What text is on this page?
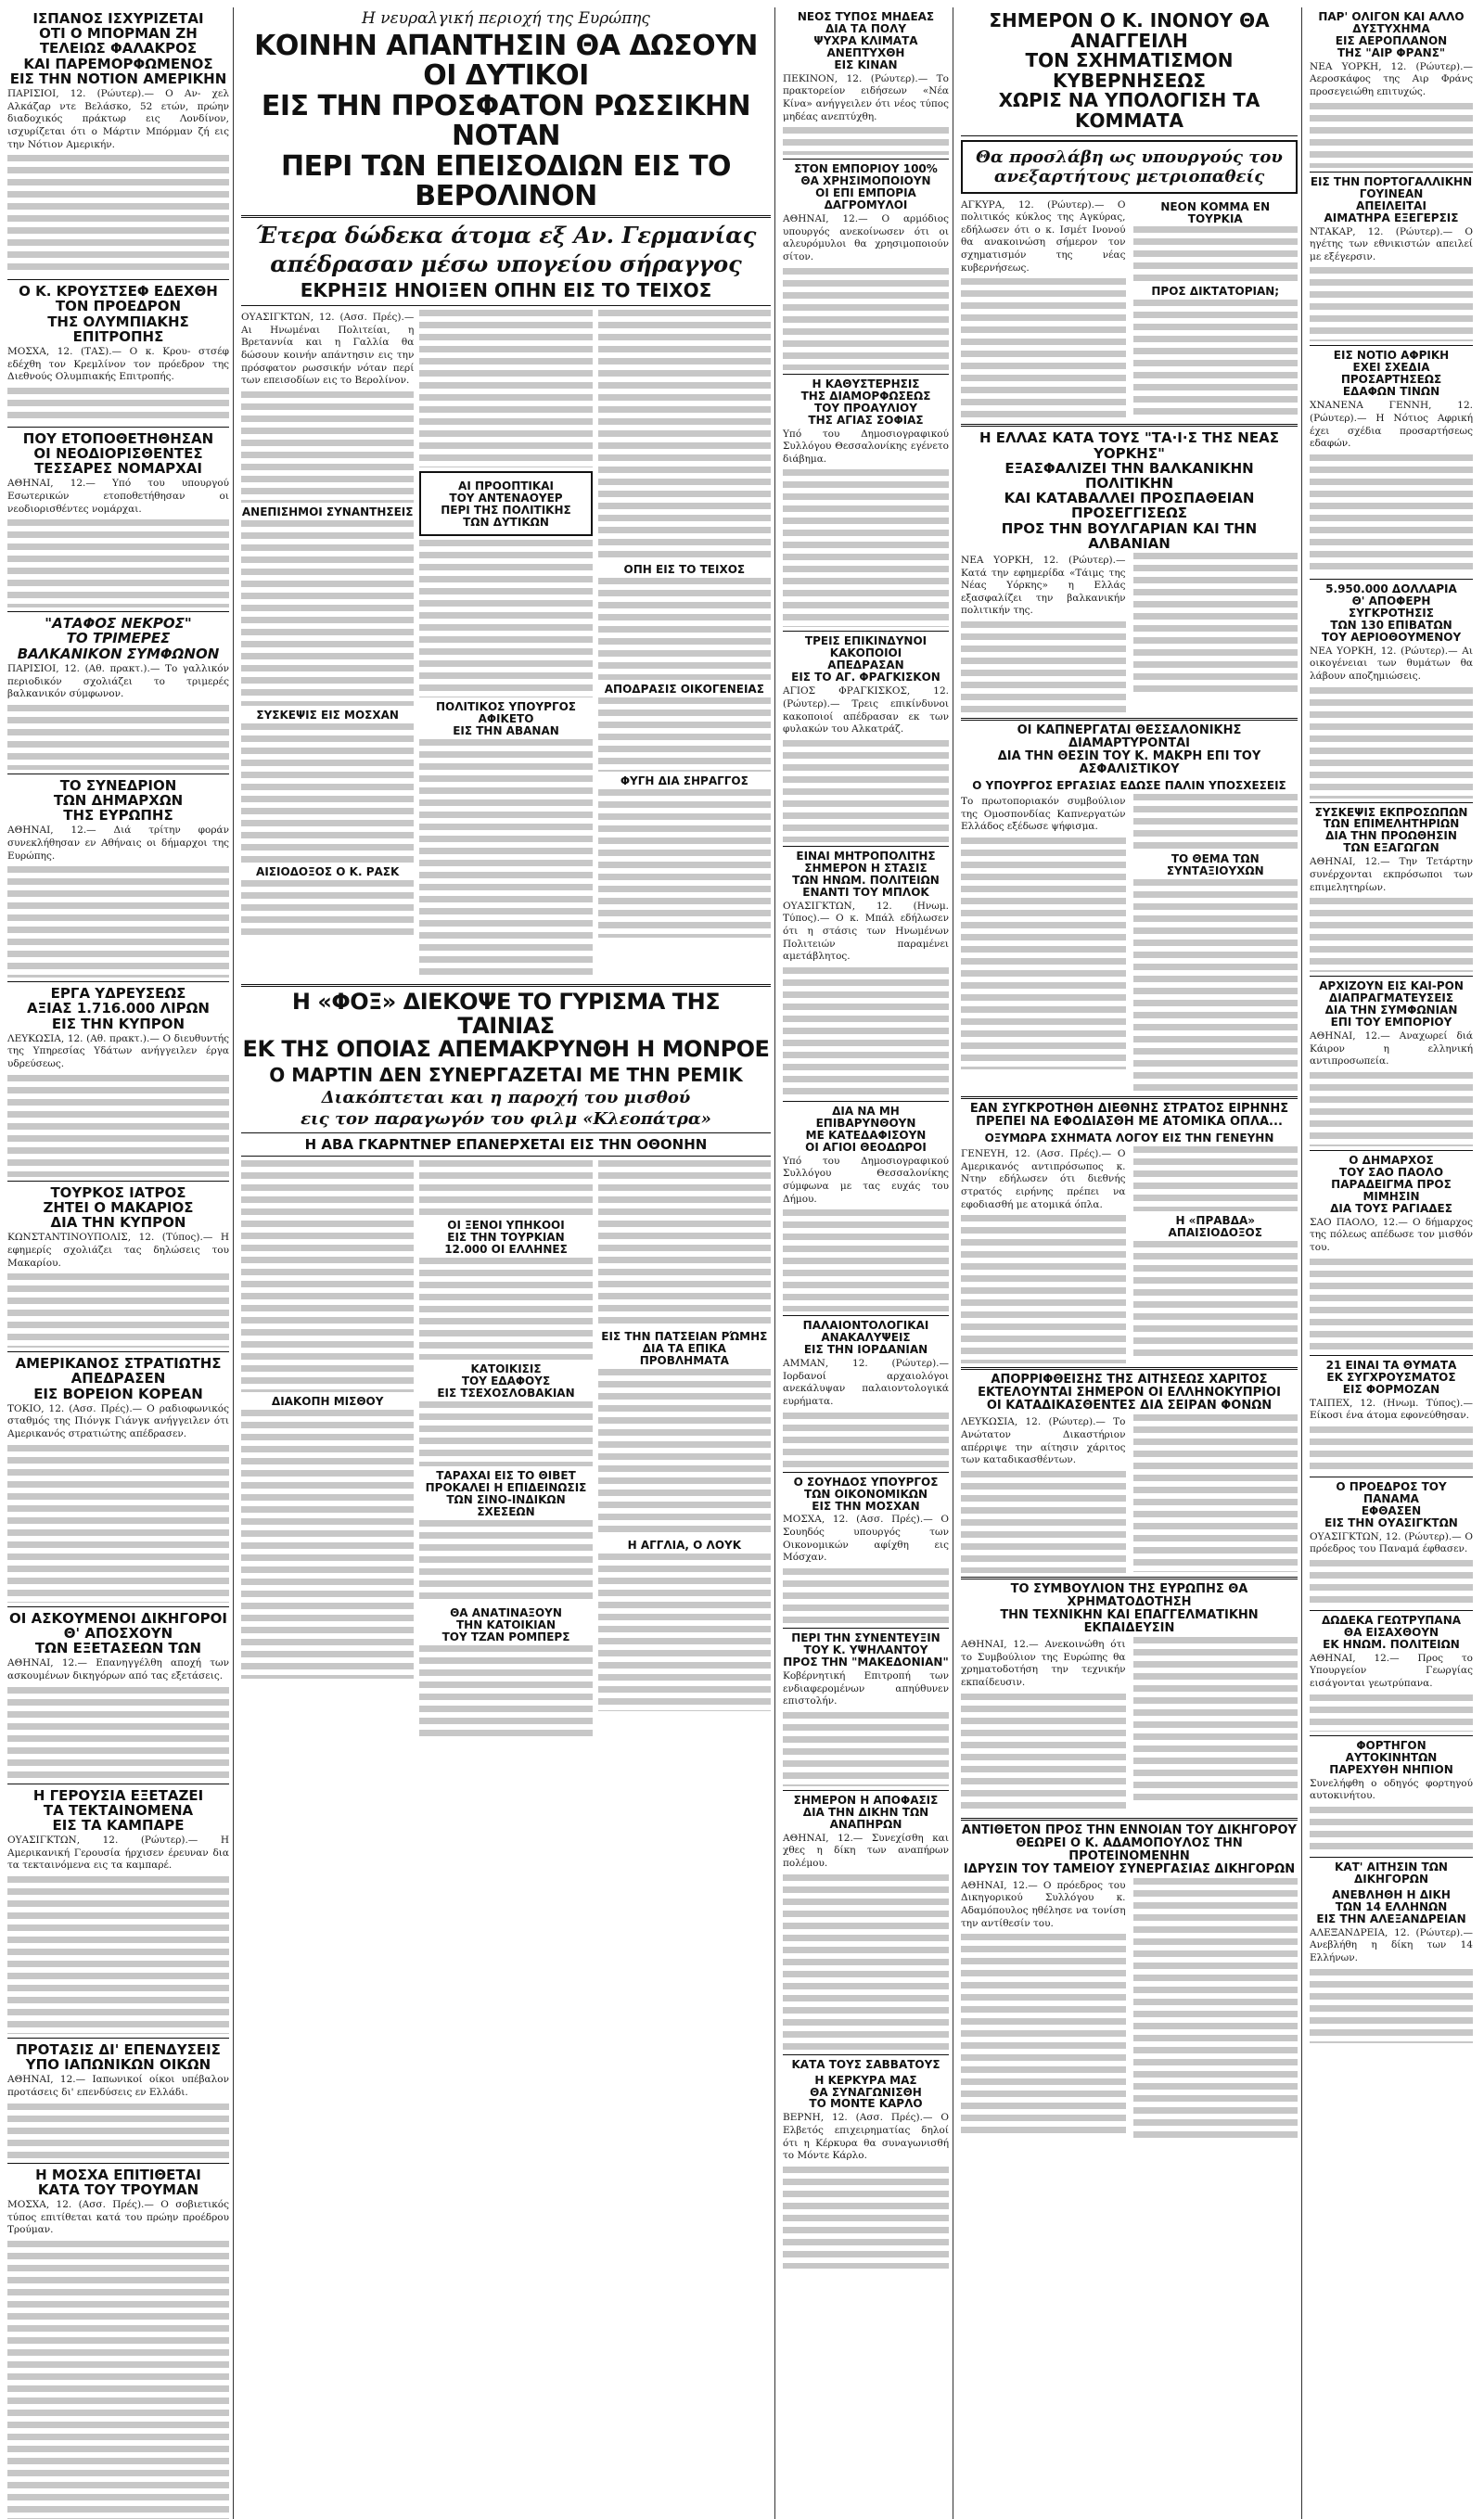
ΙΣΠΑΝΟΣ ΙΣΧΥΡΙΖΕΤΑΙ
ΟΤΙ Ο ΜΠΟΡΜΑΝ ΖΗ
ΤΕΛΕΙΩΣ ΦΑΛΑΚΡΟΣ
ΚΑΙ ΠΑΡΕΜΟΡΦΩΜΕΝΟΣ
ΕΙΣ ΤΗΝ ΝΟΤΙΟΝ ΑΜΕΡΙΚΗΝ
ΠΑΡΙΣΙΟΙ, 12. (Ρώυτερ).— Ο Αν- χελ Αλκάζαρ ντε Βελάσκο, 52 ετών, πρώην διαδοχικός πράκτωρ εις Λονδίνον, ισχυρίζεται ότι ο Μάρτιν Μπόρμαν ζή εις την Νότιον Αμερικήν.
Ο Κ. ΚΡΟΥΣΤΣΕΦ ΕΔΕΧΘΗ
ΤΟΝ ΠΡΟΕΔΡΟΝ
ΤΗΣ ΟΛΥΜΠΙΑΚΗΣ
ΕΠΙΤΡΟΠΗΣ
ΜΟΣΧΑ, 12. (ΤΑΣ).— Ο κ. Κρου- στσέφ εδέχθη τον Κρεμλίνον τον πρόεδρον της Διεθνούς Ολυμπιακής Επιτροπής.
ΠΟΥ ΕΤΟΠΟΘΕΤΗΘΗΣΑΝ
ΟΙ ΝΕΟΔΙΟΡΙΣΘΕΝΤΕΣ
ΤΕΣΣΑΡΕΣ ΝΟΜΑΡΧΑΙ
ΑΘΗΝΑΙ, 12.— Υπό του υπουργού Εσωτερικών ετοποθετήθησαν οι νεοδιορισθέντες νομάρχαι.
"ΑΤΑΦΟΣ ΝΕΚΡΟΣ"
ΤΟ ΤΡΙΜΕΡΕΣ
ΒΑΛΚΑΝΙΚΟΝ ΣΥΜΦΩΝΟΝ
ΠΑΡΙΣΙΟΙ, 12. (Αθ. πρακτ.).— Το γαλλικόν περιοδικόν σχολιάζει το τριμερές βαλκανικόν σύμφωνον.
ΤΟ ΣΥΝΕΔΡΙΟΝ
ΤΩΝ ΔΗΜΑΡΧΩΝ
ΤΗΣ ΕΥΡΩΠΗΣ
ΑΘΗΝΑΙ, 12.— Διά τρίτην φοράν συνεκλήθησαν εν Αθήναις οι δήμαρχοι της Ευρώπης.
ΕΡΓΑ ΥΔΡΕΥΣΕΩΣ
ΑΞΙΑΣ 1.716.000 ΛΙΡΩΝ
ΕΙΣ ΤΗΝ ΚΥΠΡΟΝ
ΛΕΥΚΩΣΙΑ, 12. (Αθ. πρακτ.).— Ο διευθυντής της Υπηρεσίας Υδάτων ανήγγειλεν έργα υδρεύσεως.
ΤΟΥΡΚΟΣ ΙΑΤΡΟΣ
ΖΗΤΕΙ Ο ΜΑΚΑΡΙΟΣ
ΔΙΑ ΤΗΝ ΚΥΠΡΟΝ
ΚΩΝΣΤΑΝΤΙΝΟΥΠΟΛΙΣ, 12. (Τύπος).— Η εφημερίς σχολιάζει τας δηλώσεις του Μακαρίου.
ΑΜΕΡΙΚΑΝΟΣ ΣΤΡΑΤΙΩΤΗΣ
ΑΠΕΔΡΑΣΕΝ
ΕΙΣ ΒΟΡΕΙΟΝ ΚΟΡΕΑΝ
ΤΟΚΙΟ, 12. (Ασσ. Πρές).— Ο ραδιοφωνικός σταθμός της Πιόνγκ Γιάνγκ ανήγγειλεν ότι Αμερικανός στρατιώτης απέδρασεν.
ΟΙ ΑΣΚΟΥΜΕΝΟΙ ΔΙΚΗΓΟΡΟΙ
Θ' ΑΠΟΣΧΟΥΝ
ΤΩΝ ΕΞΕΤΑΣΕΩΝ ΤΩΝ
ΑΘΗΝΑΙ, 12.— Επανηγγέλθη αποχή των ασκουμένων δικηγόρων από τας εξετάσεις.
Η ΓΕΡΟΥΣΙΑ ΕΞΕΤΑΖΕΙ
ΤΑ ΤΕΚΤΑΙΝΟΜΕΝΑ
ΕΙΣ ΤΑ ΚΑΜΠΑΡΕ
ΟΥΑΣΙΓΚΤΩΝ, 12. (Ρώυτερ).— Η Αμερικανική Γερουσία ήρχισεν έρευναν δια τα τεκταινόμενα εις τα καμπαρέ.
ΠΡΟΤΑΣΙΣ ΔΙ' ΕΠΕΝΔΥΣΕΙΣ
ΥΠΟ ΙΑΠΩΝΙΚΩΝ ΟΙΚΩΝ
ΑΘΗΝΑΙ, 12.— Ιαπωνικοί οίκοι υπέβαλον προτάσεις δι' επενδύσεις εν Ελλάδι.
Η ΜΟΣΧΑ ΕΠΙΤΙΘΕΤΑΙ
ΚΑΤΑ ΤΟΥ ΤΡΟΥΜΑΝ
ΜΟΣΧΑ, 12. (Ασσ. Πρές).— Ο σοβιετικός τύπος επιτίθεται κατά του πρώην προέδρου Τρούμαν.
Η νευραλγική περιοχή της Ευρώπης
ΚΟΙΝΗΝ ΑΠΑΝΤΗΣΙΝ ΘΑ ΔΩΣΟΥΝ ΟΙ ΔΥΤΙΚΟΙ
ΕΙΣ ΤΗΝ ΠΡΟΣΦΑΤΟΝ ΡΩΣΣΙΚΗΝ ΝΟΤΑΝ
ΠΕΡΙ ΤΩΝ ΕΠΕΙΣΟΔΙΩΝ ΕΙΣ ΤΟ ΒΕΡΟΛΙΝΟΝ
Έτερα δώδεκα άτομα εξ Αν. Γερμανίας
απέδρασαν μέσω υπογείου σήραγγος
ΕΚΡΗΞΙΣ ΗΝΟΙΞΕΝ ΟΠΗΝ ΕΙΣ ΤΟ ΤΕΙΧΟΣ
ΟΥΑΣΙΓΚΤΩΝ, 12. (Ασσ. Πρές).— Αι Ηνωμέναι Πολιτείαι, η Βρεταννία και η Γαλλία θα δώσουν κοινήν απάντησιν εις την πρόσφατον ρωσσικήν νόταν περί των επεισοδίων εις το Βερολίνον.
ΑΝΕΠΙΣΗΜΟΙ ΣΥΝΑΝΤΗΣΕΙΣ
ΣΥΣΚΕΨΙΣ ΕΙΣ ΜΟΣΧΑΝ
ΑΙΣΙΟΔΟΞΟΣ Ο Κ. ΡΑΣΚ
ΑΙ ΠΡΟΟΠΤΙΚΑΙ
ΤΟΥ ΑΝΤΕΝΑΟΥΕΡ
ΠΕΡΙ ΤΗΣ ΠΟΛΙΤΙΚΗΣ
ΤΩΝ ΔΥΤΙΚΩΝ
ΠΟΛΙΤΙΚΟΣ ΥΠΟΥΡΓΟΣ
ΑΦΙΚΕΤΟ
ΕΙΣ ΤΗΝ ΑΒΑΝΑΝ
ΟΠΗ ΕΙΣ ΤΟ ΤΕΙΧΟΣ
ΑΠΟΔΡΑΣΙΣ ΟΙΚΟΓΕΝΕΙΑΣ
ΦΥΓΗ ΔΙΑ ΣΗΡΑΓΓΟΣ
Η «ΦΟΞ» ΔΙΕΚΟΨΕ ΤΟ ΓΥΡΙΣΜΑ ΤΗΣ ΤΑΙΝΙΑΣ
ΕΚ ΤΗΣ ΟΠΟΙΑΣ ΑΠΕΜΑΚΡΥΝΘΗ Η ΜΟΝΡΟΕ
Ο ΜΑΡΤΙΝ ΔΕΝ ΣΥΝΕΡΓΑΖΕΤΑΙ ΜΕ ΤΗΝ ΡΕΜΙΚ
Διακόπτεται και η παροχή του μισθού
εις τον παραγωγόν του φιλμ «Κλεοπάτρα»
Η ΑΒΑ ΓΚΑΡΝΤΝΕΡ ΕΠΑΝΕΡΧΕΤΑΙ ΕΙΣ ΤΗΝ ΟΘΟΝΗΝ
ΔΙΑΚΟΠΗ ΜΙΣΘΟΥ
ΟΙ ΞΕΝΟΙ ΥΠΗΚΟΟΙ
ΕΙΣ ΤΗΝ ΤΟΥΡΚΙΑΝ
12.000 ΟΙ ΕΛΛΗΝΕΣ
ΚΑΤΟΙΚΙΣΙΣ
ΤΟΥ ΕΔΑΦΟΥΣ
ΕΙΣ ΤΣΕΧΟΣΛΟΒΑΚΙΑΝ
ΤΑΡΑΧΑΙ ΕΙΣ ΤΟ ΘΙΒΕΤ
ΠΡΟΚΑΛΕΙ Η ΕΠΙΔΕΙΝΩΣΙΣ
ΤΩΝ ΣΙΝΟ-ΙΝΔΙΚΩΝ ΣΧΕΣΕΩΝ
ΘΑ ΑΝΑΤΙΝΑΞΟΥΝ
ΤΗΝ ΚΑΤΟΙΚΙΑΝ
ΤΟΥ ΤΖΑΝ ΡΟΜΠΕΡΣ
ΕΙΣ ΤΗΝ ΠΑΤΣΕΙΑΝ ΡΏΜΗΣ
ΔΙΑ ΤΑ ΕΠΙΚΑ ΠΡΟΒΛΗΜΑΤΑ
Η ΑΓΓΛΙΑ, Ο ΛΟΥΚ
ΝΕΟΣ ΤΥΠΟΣ ΜΗΔΕΑΣ
ΔΙΑ ΤΑ ΠΟΛΥ
ΨΥΧΡΑ ΚΛΙΜΑΤΑ
ΑΝΕΠΤΥΧΘΗ
ΕΙΣ ΚΙΝΑΝ
ΠΕΚΙΝΟΝ, 12. (Ρώυτερ).— Το πρακτορείον ειδήσεων «Νέα Κίνα» ανήγγειλεν ότι νέος τύπος μηδέας ανεπτύχθη.
ΣΤΟΝ ΕΜΠΟΡΙΟΥ 100%
ΘΑ ΧΡΗΣΙΜΟΠΟΙΟΥΝ
ΟΙ ΕΠΙ ΕΜΠΟΡΙΑ
ΔΑΓΡΟΜΥΛΟΙ
ΑΘΗΝΑΙ, 12.— Ο αρμόδιος υπουργός ανεκοίνωσεν ότι οι αλευρόμυλοι θα χρησιμοποιούν σίτον.
Η ΚΑΘΥΣΤΕΡΗΣΙΣ
ΤΗΣ ΔΙΑΜΟΡΦΩΣΕΩΣ
ΤΟΥ ΠΡΟΑΥΛΙΟΥ
ΤΗΣ ΑΓΙΑΣ ΣΟΦΙΑΣ
Υπό του Δημοσιογραφικού Συλλόγου Θεσσαλονίκης εγένετο διάβημα.
ΤΡΕΙΣ ΕΠΙΚΙΝΔΥΝΟΙ
ΚΑΚΟΠΟΙΟΙ
ΑΠΕΔΡΑΣΑΝ
ΕΙΣ ΤΟ ΑΓ. ΦΡΑΓΚΙΣΚΟΝ
ΑΓΙΟΣ ΦΡΑΓΚΙΣΚΟΣ, 12. (Ρώυτερ).— Τρεις επικίνδυνοι κακοποιοί απέδρασαν εκ των φυλακών του Αλκατράζ.
ΕΙΝΑΙ ΜΗΤΡΟΠΟΛΙΤΗΣ
ΣΗΜΕΡΟΝ Η ΣΤΑΣΙΣ
ΤΩΝ ΗΝΩΜ. ΠΟΛΙΤΕΙΩΝ
ΕΝΑΝΤΙ ΤΟΥ ΜΠΛΟΚ
ΟΥΑΣΙΓΚΤΩΝ, 12. (Ηνωμ. Τύπος).— Ο κ. Μπάλ εδήλωσεν ότι η στάσις των Ηνωμένων Πολιτειών παραμένει αμετάβλητος.
ΔΙΑ ΝΑ ΜΗ ΕΠΙΒΑΡΥΝΘΟΥΝ
ΜΕ ΚΑΤΕΔΑΦΙΣΟΥΝ
ΟΙ ΑΓΙΟΙ ΘΕΟΔΩΡΟΙ
Υπό του Δημοσιογραφικού Συλλόγου Θεσσαλονίκης σύμφωνα με τας ευχάς του Δήμου.
ΠΑΛΑΙΟΝΤΟΛΟΓΙΚΑΙ
ΑΝΑΚΑΛΥΨΕΙΣ
ΕΙΣ ΤΗΝ ΙΟΡΔΑΝΙΑΝ
ΑΜΜΑΝ, 12. (Ρώυτερ).— Ιορδανοί αρχαιολόγοι ανεκάλυψαν παλαιοντολογικά ευρήματα.
Ο ΣΟΥΗΔΟΣ ΥΠΟΥΡΓΟΣ
ΤΩΝ ΟΙΚΟΝΟΜΙΚΩΝ
ΕΙΣ ΤΗΝ ΜΟΣΧΑΝ
ΜΟΣΧΑ, 12. (Ασσ. Πρές).— Ο Σουηδός υπουργός των Οικονομικών αφίχθη εις Μόσχαν.
ΠΕΡΙ ΤΗΝ ΣΥΝΕΝΤΕΥΞΙΝ
ΤΟΥ Κ. ΥΨΗΛΑΝΤΟΥ
ΠΡΟΣ ΤΗΝ "ΜΑΚΕΔΟΝΙΑΝ"
Κοβέρνητική Επιτροπή των ενδιαφερομένων απηύθυνεν επιστολήν.
ΣΗΜΕΡΟΝ Η ΑΠΟΦΑΣΙΣ
ΔΙΑ ΤΗΝ ΔΙΚΗΝ ΤΩΝ ΑΝΑΠΗΡΩΝ
ΑΘΗΝΑΙ, 12.— Συνεχίσθη και χθες η δίκη των αναπήρων πολέμου.
ΚΑΤΑ ΤΟΥΣ ΣΑΒΒΑΤΟΥΣ
Η ΚΕΡΚΥΡΑ ΜΑΣ
ΘΑ ΣΥΝΑΓΩΝΙΣΘΗ
ΤΟ ΜΟΝΤΕ ΚΑΡΛΟ
ΒΕΡΝΗ, 12. (Ασσ. Πρές).— Ο Ελβετός επιχειρηματίας δηλοί ότι η Κέρκυρα θα συναγωνισθή το Μόντε Κάρλο.
ΣΗΜΕΡΟΝ Ο Κ. ΙΝΟΝΟΥ ΘΑ ΑΝΑΓΓΕΙΛΗ
ΤΟΝ ΣΧΗΜΑΤΙΣΜΟΝ ΚΥΒΕΡΝΗΣΕΩΣ
ΧΩΡΙΣ ΝΑ ΥΠΟΛΟΓΙΣΗ ΤΑ ΚΟΜΜΑΤΑ
Θα προσλάβη ως υπουργούς του
ανεξαρτήτους μετριοπαθείς
ΑΓΚΥΡΑ, 12. (Ρώυτερ).— Ο πολιτικός κύκλος της Αγκύρας, εδήλωσεν ότι ο κ. Ισμέτ Ινονού θα ανακοινώση σήμερον τον σχηματισμόν της νέας κυβερνήσεως.
ΝΕΟΝ ΚΟΜΜΑ ΕΝ ΤΟΥΡΚΙΑ
ΠΡΟΣ ΔΙΚΤΑΤΟΡΙΑΝ;
Η ΕΛΛΑΣ ΚΑΤΑ ΤΟΥΣ "ΤΑ·Ι·Σ ΤΗΣ ΝΕΑΣ ΥΟΡΚΗΣ"
ΕΞΑΣΦΑΛΙΖΕΙ ΤΗΝ ΒΑΛΚΑΝΙΚΗΝ ΠΟΛΙΤΙΚΗΝ
ΚΑΙ ΚΑΤΑΒΑΛΛΕΙ ΠΡΟΣΠΑΘΕΙΑΝ ΠΡΟΣΕΓΓΙΣΕΩΣ
ΠΡΟΣ ΤΗΝ ΒΟΥΛΓΑΡΙΑΝ ΚΑΙ ΤΗΝ ΑΛΒΑΝΙΑΝ
ΝΕΑ ΥΟΡΚΗ, 12. (Ρώυτερ).— Κατά την εφημερίδα «Τάιμς της Νέας Υόρκης» η Ελλάς εξασφαλίζει την βαλκανικήν πολιτικήν της.
ΟΙ ΚΑΠΝΕΡΓΑΤΑΙ ΘΕΣΣΑΛΟΝΙΚΗΣ ΔΙΑΜΑΡΤΥΡΟΝΤΑΙ
ΔΙΑ ΤΗΝ ΘΕΣΙΝ ΤΟΥ Κ. ΜΑΚΡΗ ΕΠΙ ΤΟΥ ΑΣΦΑΛΙΣΤΙΚΟΥ
Ο ΥΠΟΥΡΓΟΣ ΕΡΓΑΣΙΑΣ ΕΔΩΣΕ ΠΑΛΙΝ ΥΠΟΣΧΕΣΕΙΣ
Το πρωτοποριακόν συμβούλιον της Ομοσπονδίας Καπνεργατών Ελλάδος εξέδωσε ψήφισμα.
ΤΟ ΘΕΜΑ ΤΩΝ ΣΥΝΤΑΞΙΟΥΧΩΝ
ΕΑΝ ΣΥΓΚΡΟΤΗΘΗ ΔΙΕΘΝΗΣ ΣΤΡΑΤΟΣ ΕΙΡΗΝΗΣ
ΠΡΕΠΕΙ ΝΑ ΕΦΟΔΙΑΣΘΗ ΜΕ ΑΤΟΜΙΚΑ ΟΠΛΑ...
ΟΞΥΜΩΡΑ ΣΧΗΜΑΤΑ ΛΟΓΟΥ ΕΙΣ ΤΗΝ ΓΕΝΕΥΗΝ
ΓΕΝΕΥΗ, 12. (Ασσ. Πρές).— Ο Αμερικανός αντιπρόσωπος κ. Ντην εδήλωσεν ότι διεθνής στρατός ειρήνης πρέπει να εφοδιασθή με ατομικά όπλα.
Η «ΠΡΑΒΔΑ» ΑΠΑΙΣΙΟΔΟΞΟΣ
ΑΠΟΡΡΙΦΘΕΙΣΗΣ ΤΗΣ ΑΙΤΗΣΕΩΣ ΧΑΡΙΤΟΣ
ΕΚΤΕΛΟΥΝΤΑΙ ΣΗΜΕΡΟΝ ΟΙ ΕΛΛΗΝΟΚΥΠΡΙΟΙ
ΟΙ ΚΑΤΑΔΙΚΑΣΘΕΝΤΕΣ ΔΙΑ ΣΕΙΡΑΝ ΦΟΝΩΝ
ΛΕΥΚΩΣΙΑ, 12. (Ρώυτερ).— Το Ανώτατον Δικαστήριον απέρριψε την αίτησιν χάριτος των καταδικασθέντων.
ΤΟ ΣΥΜΒΟΥΛΙΟΝ ΤΗΣ ΕΥΡΩΠΗΣ ΘΑ ΧΡΗΜΑΤΟΔΟΤΗΣΗ
ΤΗΝ ΤΕΧΝΙΚΗΝ ΚΑΙ ΕΠΑΓΓΕΛΜΑΤΙΚΗΝ ΕΚΠΑΙΔΕΥΣΙΝ
ΑΘΗΝΑΙ, 12.— Ανεκοινώθη ότι το Συμβούλιον της Ευρώπης θα χρηματοδοτήση την τεχνικήν εκπαίδευσιν.
ΑΝΤΙΘΕΤΟΝ ΠΡΟΣ ΤΗΝ ΕΝΝΟΙΑΝ ΤΟΥ ΔΙΚΗΓΟΡΟΥ
ΘΕΩΡΕΙ Ο Κ. ΑΔΑΜΟΠΟΥΛΟΣ ΤΗΝ ΠΡΟΤΕΙΝΟΜΕΝΗΝ
ΙΔΡΥΣΙΝ ΤΟΥ ΤΑΜΕΙΟΥ ΣΥΝΕΡΓΑΣΙΑΣ ΔΙΚΗΓΟΡΩΝ
ΑΘΗΝΑΙ, 12.— Ο πρόεδρος του Δικηγορικού Συλλόγου κ. Αδαμόπουλος ηθέλησε να τονίση την αντίθεσίν του.
ΠΑΡ' ΟΛΙΓΟΝ ΚΑΙ ΑΛΛΟ
ΔΥΣΤΥΧΗΜΑ
ΕΙΣ ΑΕΡΟΠΛΑΝΟΝ
ΤΗΣ "ΑΙΡ ΦΡΑΝΣ"
ΝΕΑ ΥΟΡΚΗ, 12. (Ρώυτερ).— Αεροσκάφος της Αιρ Φράνς προσεγειώθη επιτυχώς.
ΕΙΣ ΤΗΝ ΠΟΡΤΟΓΑΛΛΙΚΗΝ
ΓΟΥΙΝΕΑΝ
ΑΠΕΙΛΕΙΤΑΙ
ΑΙΜΑΤΗΡΑ ΕΞΕΓΕΡΣΙΣ
ΝΤΑΚΑΡ, 12. (Ρώυτερ).— Ο ηγέτης των εθνικιστών απειλεί με εξέγερσιν.
ΕΙΣ ΝΟΤΙΟ ΑΦΡΙΚΗ
ΕΧΕΙ ΣΧΕΔΙΑ
ΠΡΟΣΑΡΤΗΣΕΩΣ
ΕΔΑΦΩΝ ΤΙΝΩΝ
ΧΝΑΝΕΝΑ ΓΕΝΝΗ, 12. (Ρώυτερ).— Η Νότιος Αφρική έχει σχέδια προσαρτήσεως εδαφών.
5.950.000 ΔΟΛΛΑΡΙΑ
Θ' ΑΠΟΦΕΡΗ ΣΥΓΚΡΟΤΗΣΙΣ
ΤΩΝ 130 ΕΠΙΒΑΤΩΝ
ΤΟΥ ΑΕΡΙΟΘΟΥΜΕΝΟΥ
ΝΕΑ ΥΟΡΚΗ, 12. (Ρώυτερ).— Αι οικογένειαι των θυμάτων θα λάβουν αποζημιώσεις.
ΣΥΣΚΕΨΙΣ ΕΚΠΡΟΣΩΠΩΝ
ΤΩΝ ΕΠΙΜΕΛΗΤΗΡΙΩΝ
ΔΙΑ ΤΗΝ ΠΡΟΩΘΗΣΙΝ
ΤΩΝ ΕΞΑΓΩΓΩΝ
ΑΘΗΝΑΙ, 12.— Την Τετάρτην συνέρχονται εκπρόσωποι των επιμελητηρίων.
ΑΡΧΙΖΟΥΝ ΕΙΣ ΚΑΙ-ΡΟΝ
ΔΙΑΠΡΑΓΜΑΤΕΥΣΕΙΣ
ΔΙΑ ΤΗΝ ΣΥΜΦΩΝΙΑΝ
ΕΠΙ ΤΟΥ ΕΜΠΟΡΙΟΥ
ΑΘΗΝΑΙ, 12.— Αναχωρεί διά Κάιρον η ελληνική αντιπροσωπεία.
Ο ΔΗΜΑΡΧΟΣ
ΤΟΥ ΣΑΟ ΠΑΟΛΟ
ΠΑΡΑΔΕΙΓΜΑ ΠΡΟΣ ΜΙΜΗΣΙΝ
ΔΙΑ ΤΟΥΣ ΡΑΓΙΑΔΕΣ
ΣΑΟ ΠΑΟΛΟ, 12.— Ο δήμαρχος της πόλεως απέδωσε τον μισθόν του.
21 ΕΙΝΑΙ ΤΑ ΘΥΜΑΤΑ
ΕΚ ΣΥΓΧΡΟΥΣΜΑΤΟΣ
ΕΙΣ ΦΟΡΜΟΖΑΝ
ΤΑΙΠΕΧ, 12. (Ηνωμ. Τύπος).— Είκοσι ένα άτομα εφονεύθησαν.
Ο ΠΡΟΕΔΡΟΣ ΤΟΥ ΠΑΝΑΜΑ
ΕΦΘΑΣΕΝ
ΕΙΣ ΤΗΝ ΟΥΑΣΙΓΚΤΩΝ
ΟΥΑΣΙΓΚΤΩΝ, 12. (Ρώυτερ).— Ο πρόεδρος του Παναμά έφθασεν.
ΔΩΔΕΚΑ ΓΕΩΤΡΥΠΑΝΑ
ΘΑ ΕΙΣΑΧΘΟΥΝ
ΕΚ ΗΝΩΜ. ΠΟΛΙΤΕΙΩΝ
ΑΘΗΝΑΙ, 12.— Προς το Υπουργείον Γεωργίας εισάγονται γεωτρύπανα.
ΦΟΡΤΗΓΟΝ ΑΥΤΟΚΙΝΗΤΩΝ
ΠΑΡΕΧΥΘΗ ΝΗΠΙΟΝ
Συνελήφθη ο οδηγός φορτηγού αυτοκινήτου.
ΚΑΤ' ΑΙΤΗΣΙΝ ΤΩΝ ΔΙΚΗΓΟΡΩΝ
ΑΝΕΒΛΗΘΗ Η ΔΙΚΗ
ΤΩΝ 14 ΕΛΛΗΝΩΝ
ΕΙΣ ΤΗΝ ΑΛΕΞΑΝΔΡΕΙΑΝ
ΑΛΕΞΑΝΔΡΕΙΑ, 12. (Ρώυτερ).— Ανεβλήθη η δίκη των 14 Ελλήνων.
